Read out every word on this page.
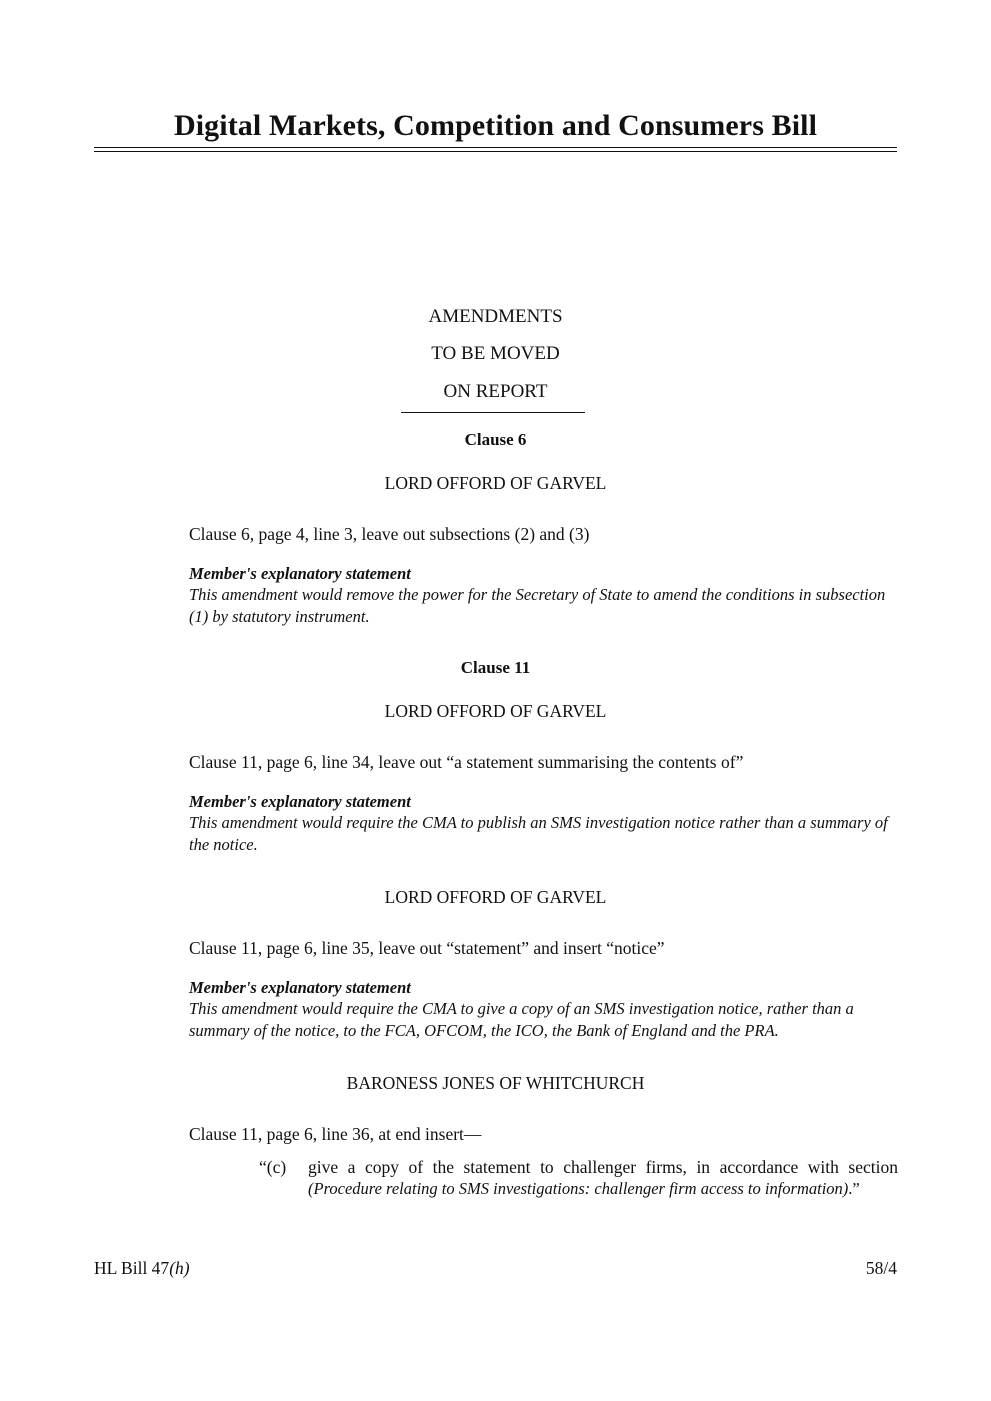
Digital Markets, Competition and Consumers Bill
AMENDMENTS
TO BE MOVED
ON REPORT
Clause 6
LORD OFFORD OF GARVEL
Clause 6, page 4, line 3, leave out subsections (2) and (3)
Member's explanatory statement
This amendment would remove the power for the Secretary of State to amend the conditions in subsection (1) by statutory instrument.
Clause 11
LORD OFFORD OF GARVEL
Clause 11, page 6, line 34, leave out “a statement summarising the contents of”
Member's explanatory statement
This amendment would require the CMA to publish an SMS investigation notice rather than a summary of the notice.
LORD OFFORD OF GARVEL
Clause 11, page 6, line 35, leave out “statement” and insert “notice”
Member's explanatory statement
This amendment would require the CMA to give a copy of an SMS investigation notice, rather than a summary of the notice, to the FCA, OFCOM, the ICO, the Bank of England and the PRA.
BARONESS JONES OF WHITCHURCH
Clause 11, page 6, line 36, at end insert—
“(c) give a copy of the statement to challenger firms, in accordance with section
(Procedure relating to SMS investigations: challenger firm access to information).”
HL Bill 47(h)	58/4
